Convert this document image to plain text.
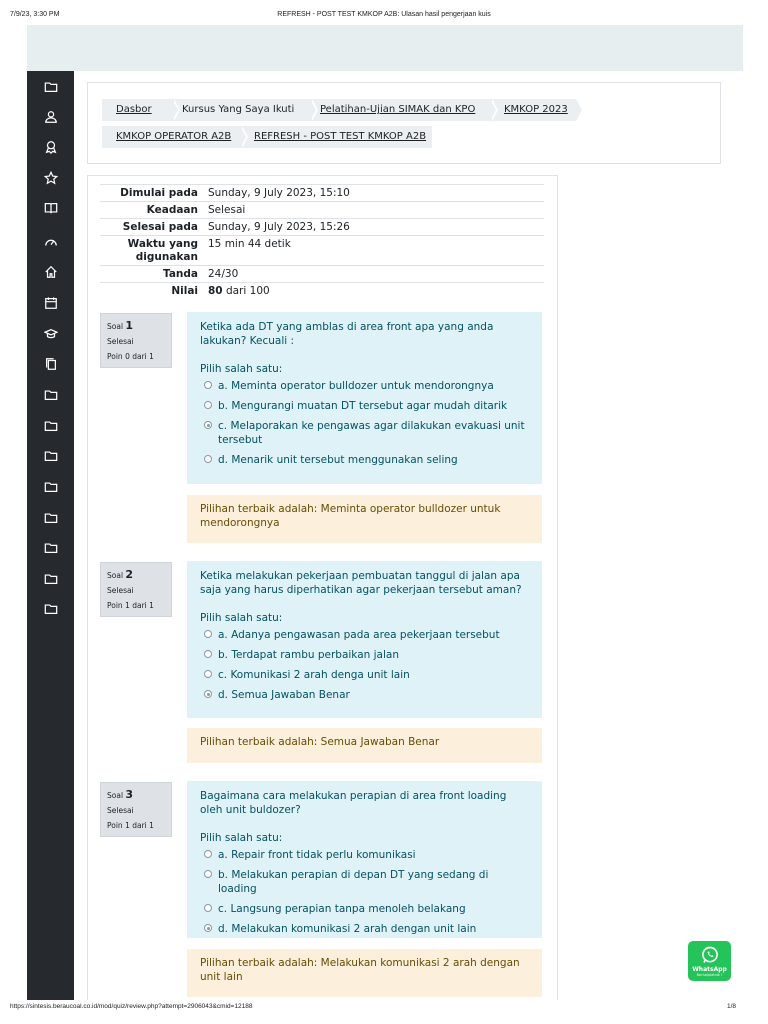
7/9/23, 3:30 PM	REFRESH - POST TEST KMKOP A2B: Ulasan hasil pengerjaan kuis
Dasbor	Kursus Yang Saya Ikuti	Pelatihan-Ujian SIMAK dan KPO	KMKOP 2023
KMKOP OPERATOR A2B	REFRESH - POST TEST KMKOP A2B
Dimulai pada	Sunday, 9 July 2023, 15:10
Keadaan	Selesai
Selesai pada	Sunday, 9 July 2023, 15:26
Waktu yang digunakan	15 min 44 detik
Tanda	24/30
Nilai	80 dari 100
Soal 1
Selesai
Poin 0 dari 1
Ketika ada DT yang amblas di area front apa yang anda lakukan? Kecuali :
Pilih salah satu:
a. Meminta operator bulldozer untuk mendorongnya
b. Mengurangi muatan DT tersebut agar mudah ditarik
c. Melaporakan ke pengawas agar dilakukan evakuasi unit tersebut
d. Menarik unit tersebut menggunakan seling
Pilihan terbaik adalah: Meminta operator bulldozer untuk mendorongnya
Soal 2
Selesai
Poin 1 dari 1
Ketika melakukan pekerjaan pembuatan tanggul di jalan apa saja yang harus diperhatikan agar pekerjaan tersebut aman?
Pilih salah satu:
a. Adanya pengawasan pada area pekerjaan tersebut
b. Terdapat rambu perbaikan jalan
c. Komunikasi 2 arah denga unit lain
d. Semua Jawaban Benar
Pilihan terbaik adalah: Semua Jawaban Benar
Soal 3
Selesai
Poin 1 dari 1
Bagaimana cara melakukan perapian di area front loading oleh unit buldozer?
Pilih salah satu:
a. Repair front tidak perlu komunikasi
b. Melakukan perapian di depan DT yang sedang di loading
c. Langsung perapian tanpa menoleh belakang
d. Melakukan komunikasi 2 arah dengan unit lain
Pilihan terbaik adalah: Melakukan komunikasi 2 arah dengan unit lain
WhatsApp
Berhalplatnik !
https://sintesis.beraucoal.co.id/mod/quiz/review.php?attempt=2906043&cmid=12188	1/8
